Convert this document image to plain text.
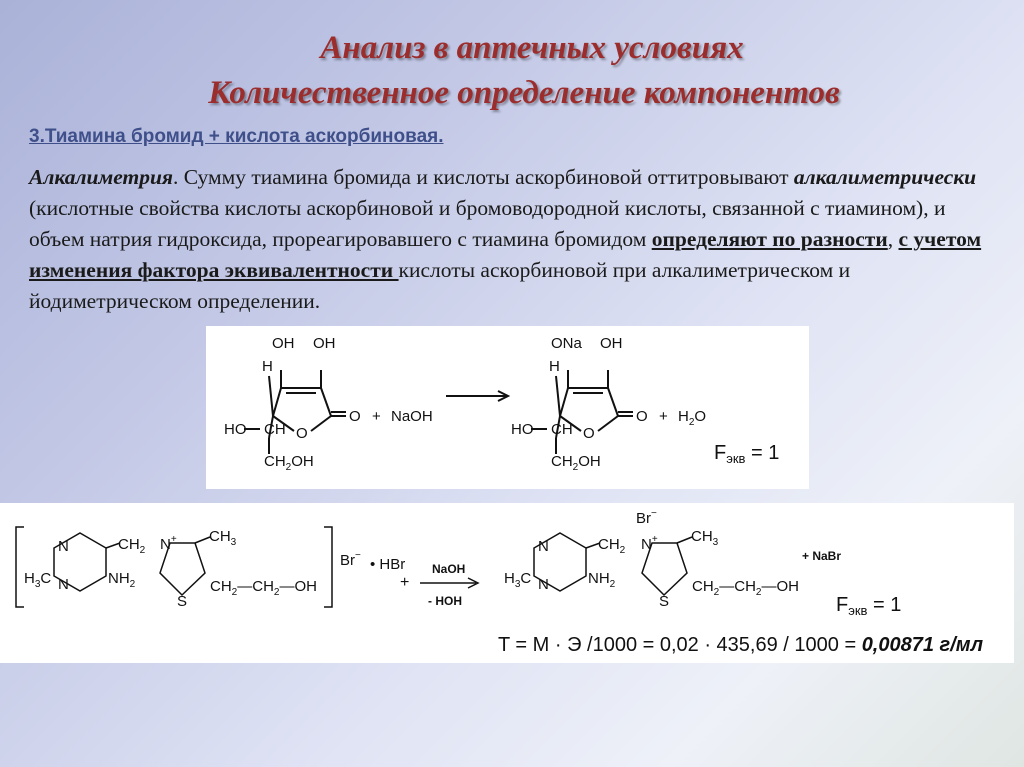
Анализ в аптечных условиях
Количественное определение компонентов
3.Тиамина бромид + кислота аскорбиновая.
Алкалиметрия. Сумму тиамина бромида и кислоты аскорбиновой оттитровывают алкалиметрически (кислотные свойства кислоты аскорбиновой и бромоводородной кислоты, связанной с тиамином), и объем натрия гидроксида, прореагировавшего с тиамина бромидом определяют по разности, с учетом изменения фактора эквивалентности кислоты аскорбиновой при алкалиметрическом и йодиметрическом определении.
OH OH
H
O
O + NaOH
HO CH
$CH_2OH$
ONa OH
H
O
$O + H_2O$
HO CH
$CH_2OH$	$F_{экв} = 1$
N
N
$CH_2$ N+ $CH_3$
$H_3C$	$NH_2$
S
$CH_2—CH_2—OH$
Br−
• HBr
+
NaOH
- HOH
Br−
N
N
$CH_2$ N+ $CH_3$
$H_3C$	$NH_2$
S
$CH_2—CH_2—OH$
+ NaBr
$F_{экв} = 1$
T = M · Э /1000 = 0,02 · 435,69 / 1000 = 0,00871 г/мл
